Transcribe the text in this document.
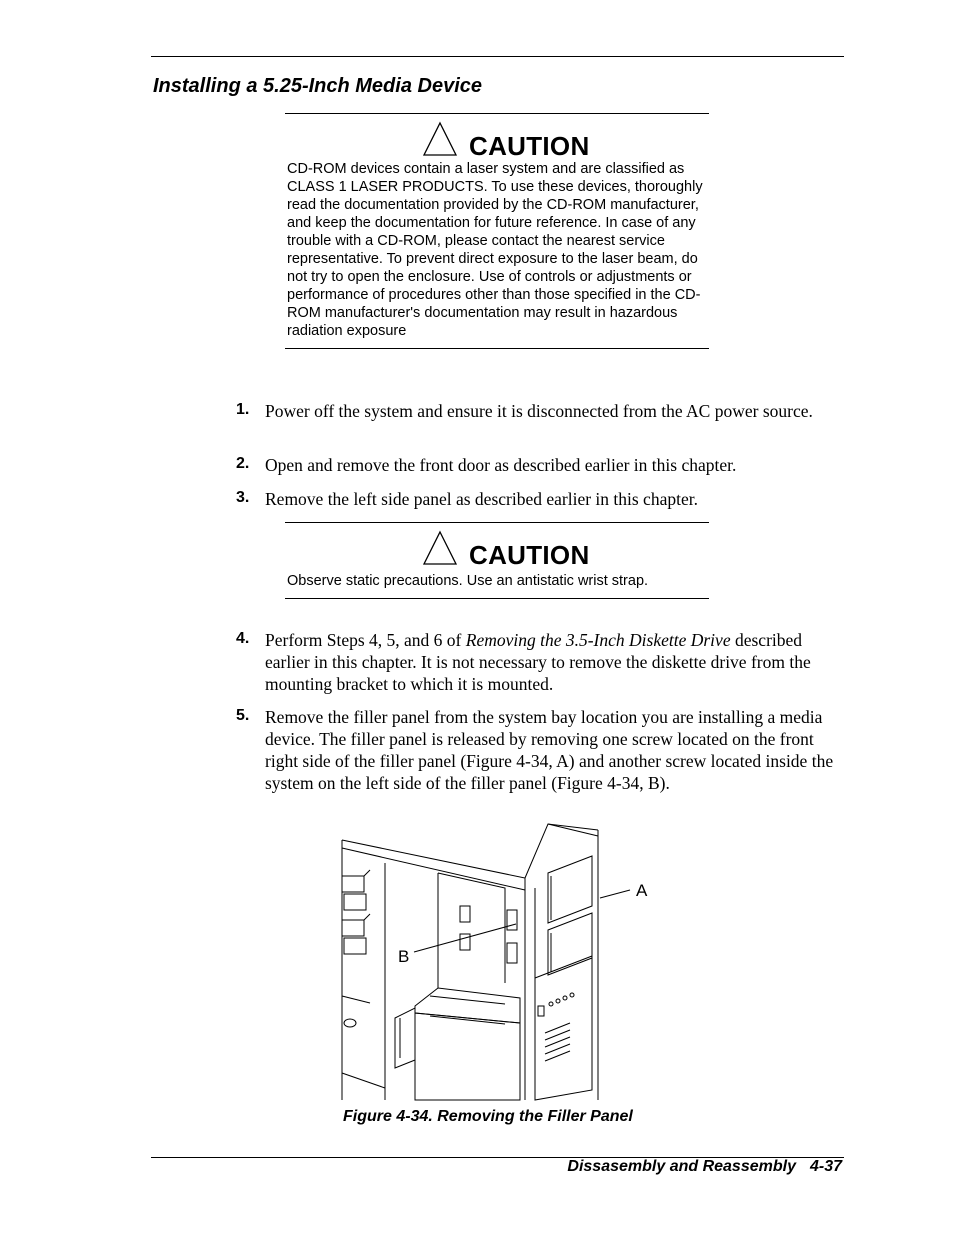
Installing a 5.25-Inch Media Device
CAUTION
CD-ROM devices contain a laser system and are classified as CLASS 1 LASER PRODUCTS. To use these devices, thoroughly read the documentation provided by the CD-ROM manufacturer, and keep the documentation for future reference. In case of any trouble with a CD-ROM, please contact the nearest service representative. To prevent direct exposure to the laser beam, do not try to open the enclosure. Use of controls or adjustments or performance of procedures other than those specified in the CD-ROM manufacturer's documentation may result in hazardous radiation exposure
1. Power off the system and ensure it is disconnected from the AC power source.
2. Open and remove the front door as described earlier in this chapter.
3. Remove the left side panel as described earlier in this chapter.
CAUTION
Observe static precautions. Use an antistatic wrist strap.
4. Perform Steps 4, 5, and 6 of Removing the 3.5-Inch Diskette Drive described earlier in this chapter. It is not necessary to remove the diskette drive from the mounting bracket to which it is mounted.
5. Remove the filler panel from the system bay location you are installing a media device. The filler panel is released by removing one screw located on the front right side of the filler panel (Figure 4-34, A) and another screw located inside the system on the left side of the filler panel (Figure 4-34, B).
A
B
Figure 4-34. Removing the Filler Panel
Dissasembly and Reassembly 4-37
